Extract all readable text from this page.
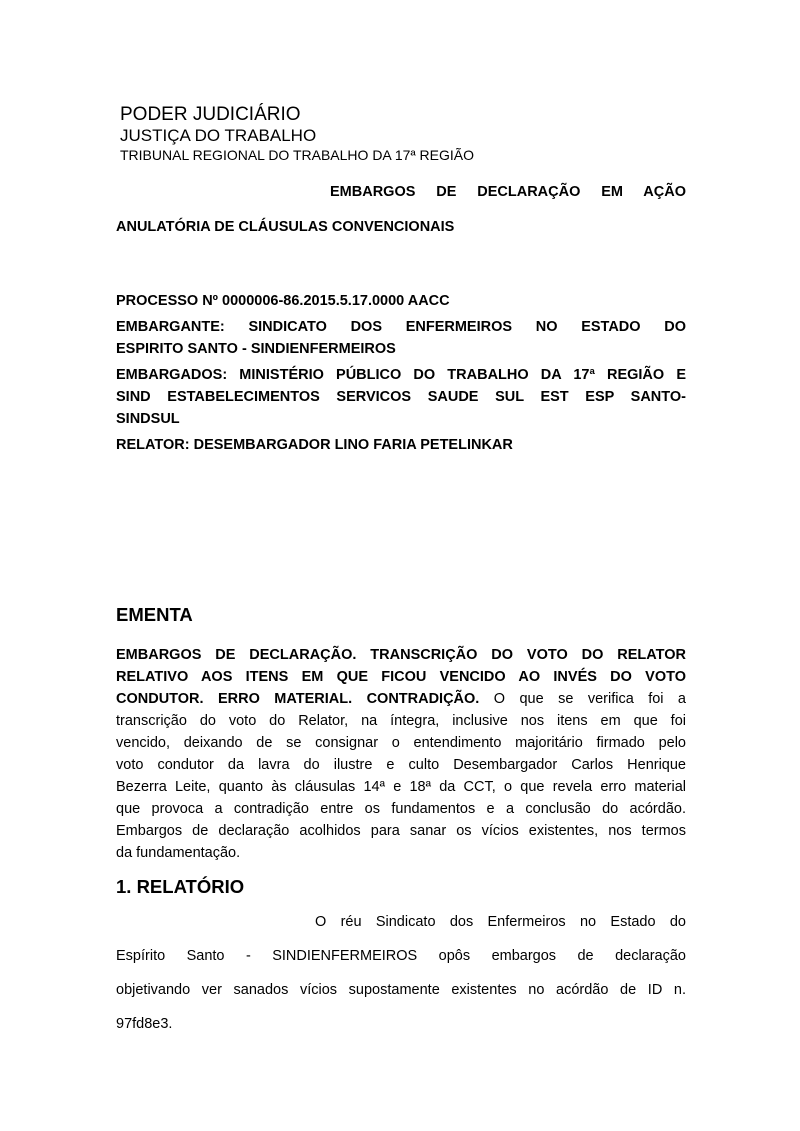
PODER JUDICIÁRIO
JUSTIÇA DO TRABALHO
TRIBUNAL REGIONAL DO TRABALHO DA 17ª REGIÃO
EMBARGOS DE DECLARAÇÃO EM AÇÃO
ANULATÓRIA DE CLÁUSULAS CONVENCIONAIS
PROCESSO Nº 0000006-86.2015.5.17.0000 AACC
EMBARGANTE: SINDICATO DOS ENFERMEIROS NO ESTADO DO
ESPIRITO SANTO - SINDIENFERMEIROS
EMBARGADOS: MINISTÉRIO PÚBLICO DO TRABALHO DA 17ª REGIÃO E
SIND ESTABELECIMENTOS SERVICOS SAUDE SUL EST ESP SANTO-
SINDSUL
RELATOR: DESEMBARGADOR LINO FARIA PETELINKAR
EMENTA
EMBARGOS DE DECLARAÇÃO. TRANSCRIÇÃO DO VOTO DO RELATOR
RELATIVO AOS ITENS EM QUE FICOU VENCIDO AO INVÉS DO VOTO
CONDUTOR. ERRO MATERIAL. CONTRADIÇÃO. O que se verifica foi a
transcrição do voto do Relator, na íntegra, inclusive nos itens em que foi
vencido, deixando de se consignar o entendimento majoritário firmado pelo
voto condutor da lavra do ilustre e culto Desembargador Carlos Henrique
Bezerra Leite, quanto às cláusulas 14ª e 18ª da CCT, o que revela erro material
que provoca a contradição entre os fundamentos e a conclusão do acórdão.
Embargos de declaração acolhidos para sanar os vícios existentes, nos termos
da fundamentação.
1. RELATÓRIO
O réu Sindicato dos Enfermeiros no Estado do
Espírito Santo - SINDIENFERMEIROS opôs embargos de declaração
objetivando ver sanados vícios supostamente existentes no acórdão de ID n.
97fd8e3.
